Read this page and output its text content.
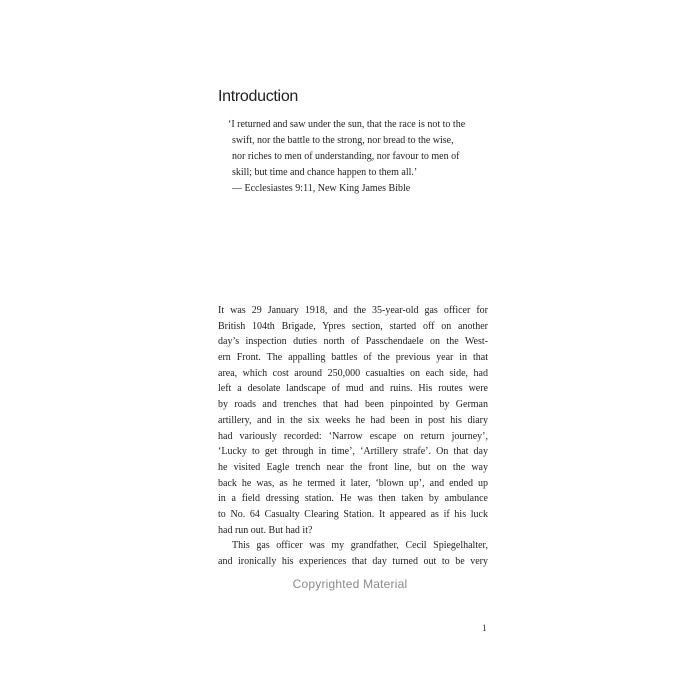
Introduction

‘I returned and saw under the sun, that the race is not to the
swift, nor the battle to the strong, nor bread to the wise,
nor riches to men of understanding, nor favour to men of
skill; but time and chance happen to them all.’

— Ecclesiastes 9:11, New King James Bible

It was 29 January 1918, and the 35-year-old gas officer for
British 104th Brigade, Ypres section, started off on another
day’s inspection duties north of Passchendaele on the West-
ern Front. The appalling battles of the previous year in that
area, which cost around 250,000 casualties on each side, had
left a desolate landscape of mud and ruins. His routes were
by roads and trenches that had been pinpointed by German
artillery, and in the six weeks he had been in post his diary
had variously recorded: ‘Narrow escape on return journey’,
‘Lucky to get through in time’, ‘Artillery strafe’. On that day
he visited Eagle trench near the front line, but on the way
back he was, as he termed it later, ‘blown up’, and ended up
in a field dressing station. He was then taken by ambulance
to No. 64 Casualty Clearing Station. It appeared as if his luck
had run out. But had it?
This gas officer was my grandfather, Cecil Spiegelhalter,
and ironically his experiences that day turned out to be very
Copyrighted Material
1
